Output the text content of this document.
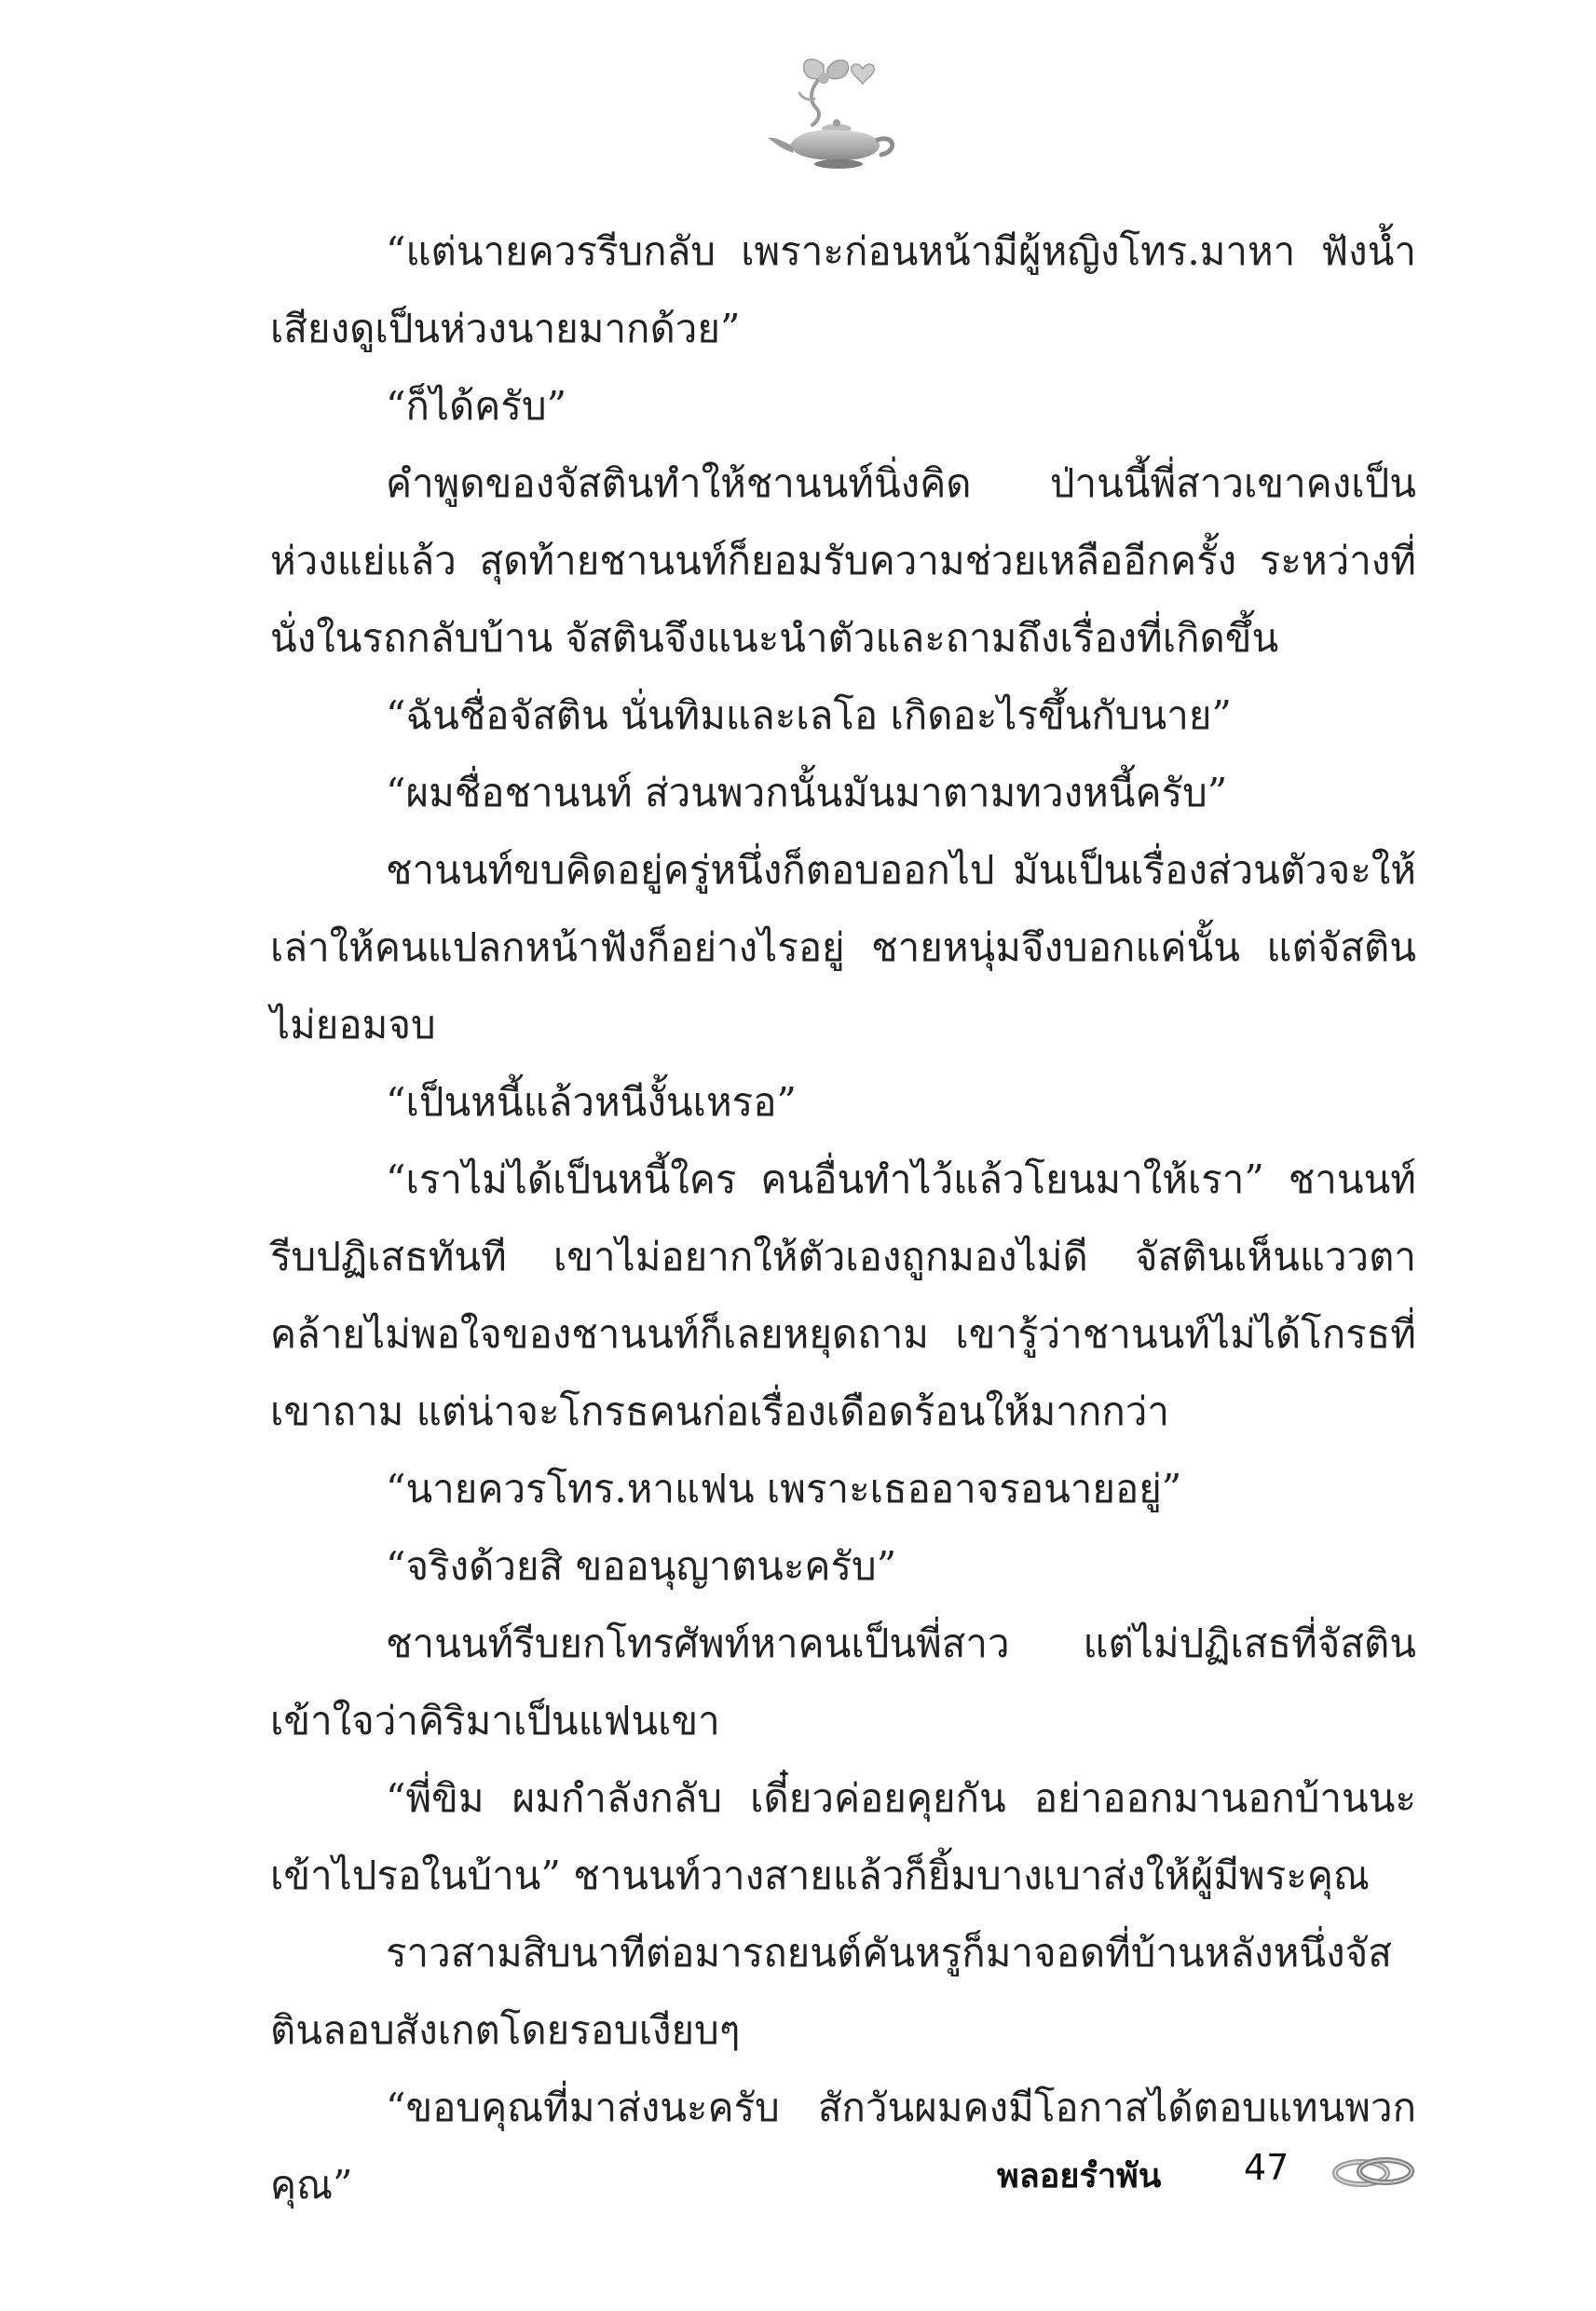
“แต่นายควรรีบกลับ เพราะก่อนหน้ามีผู้หญิงโทร.มาหา ฟังน้ำเสียงดูเป็นห่วงนายมากด้วย”

“ก็ได้ครับ”

คำพูดของจัสตินทำให้ชานนท์นิ่งคิด ป่านนี้พี่สาวเขาคงเป็นห่วงแย่แล้ว สุดท้ายชานนท์ก็ยอมรับความช่วยเหลืออีกครั้ง ระหว่างที่นั่งในรถกลับบ้าน จัสตินจึงแนะนำตัวและถามถึงเรื่องที่เกิดขึ้น

“ฉันชื่อจัสติน นั่นทิมและเลโอ เกิดอะไรขึ้นกับนาย”

“ผมชื่อชานนท์ ส่วนพวกนั้นมันมาตามทวงหนี้ครับ”

ชานนท์ขบคิดอยู่ครู่หนึ่งก็ตอบออกไป มันเป็นเรื่องส่วนตัวจะให้เล่าให้คนแปลกหน้าฟังก็อย่างไรอยู่ ชายหนุ่มจึงบอกแค่นั้น แต่จัสตินไม่ยอมจบ

“เป็นหนี้แล้วหนีงั้นเหรอ”

“เราไม่ได้เป็นหนี้ใคร คนอื่นทำไว้แล้วโยนมาให้เรา” ชานนท์รีบปฏิเสธทันที เขาไม่อยากให้ตัวเองถูกมองไม่ดี จัสตินเห็นแววตาคล้ายไม่พอใจของชานนท์ก็เลยหยุดถาม เขารู้ว่าชานนท์ไม่ได้โกรธที่เขาถาม แต่น่าจะโกรธคนก่อเรื่องเดือดร้อนให้มากกว่า

“นายควรโทร.หาแฟน เพราะเธออาจรอนายอยู่”

“จริงด้วยสิ ขออนุญาตนะครับ”

ชานนท์รีบยกโทรศัพท์หาคนเป็นพี่สาว แต่ไม่ปฏิเสธที่จัสตินเข้าใจว่าคิริมาเป็นแฟนเขา

“พี่ขิม ผมกำลังกลับ เดี๋ยวค่อยคุยกัน อย่าออกมานอกบ้านนะเข้าไปรอในบ้าน” ชานนท์วางสายแล้วก็ยิ้มบางเบาส่งให้ผู้มีพระคุณ

ราวสามสิบนาทีต่อมารถยนต์คันหรูก็มาจอดที่บ้านหลังหนึ่งจัสตินลอบสังเกตโดยรอบเงียบๆ

“ขอบคุณที่มาส่งนะครับ สักวันผมคงมีโอกาสได้ตอบแทนพวกคุณ”	พลอยรำพัน 47
